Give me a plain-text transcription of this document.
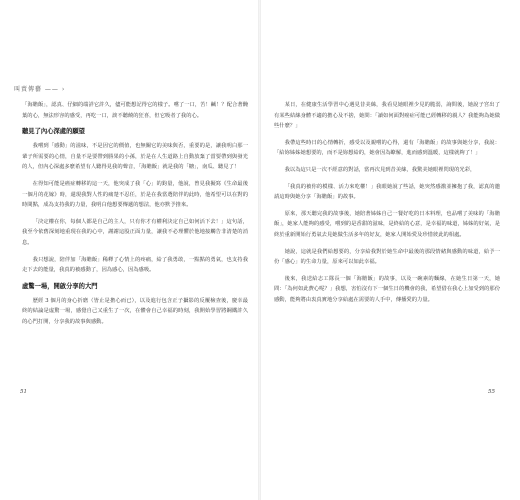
叫賣傳藝 —— ›

「海贍飯」，認真、仔細的端詳它許久，儘可能想記得它的樣子。嚐了一口，苦！鹹！？配合著醃葉的心，無法形容的感受，再吃一口，談不聽饒的狂喜，但它吸者了我的心。

聽見了內心深處的願望

我嚐到「感動」的滋味，不是因它的價值，也無關它的美味與否，重要的是，讓我明白那一輩子所需要的心情，自量不是要帶到勝果的小孫，於是在人生道路上自動放棄了當要帶到與發光的人，但內心深處多麼希望有人聽得見我的聲音，「海贍飯」就是我的「糖」，南瓜、聽見了！

在得知可能是癌症轉移的這一天，他突成了我「心」的鈞量，他說，曾見我擬寫《生命最後一個月的花嫁》時，還現我對人性的痛楚不忍任，於是在我當選陪伴的此時，他希望可以在對的時間點，成為支持我的力量，我明白他想要傳遞的想法，他亦默予推來。

「決定權在你，每個人都是自己的主人，只有你才有權利決定自己如何活下去！」這句話，我至今依舊深刻地重現在我的心中，謝謝這股正面力量，讓我不必理懼於他地接觸告非清楚的消息。

我只想說，陪伴加「海贍飯」稀釋了心情上的疼痛，給了我勇敢，一點點的勇氣，也支持我走下去的能量，我真的被感動了，因為感心，因為感吸。

虛驚一場，開啟分享的大門

歷經 3 個月的身心折磨（皆止是擔心而已），以及進行包含正子攝影的反覆檢查後，慶幸最終的結論是虛驚一場，感覺自己又重生了一次，在體會自己幸福的時刻，我開始學習將鋼鐵許久的心門打開，分享我的故事與感動。

某日，在健康生活學習中心遇見昔美絲，我看見她眼裡少見的脆弱，詢問後，她說子宮出了有某些結絲身體不適的擔心及不捨，她問：「讀如何面對癌症可能已經轉移的親人？我能夠為她做些什麼？」

我帶這些時日的心情轉折，感受以及親嚐的心得，還有「海贍飯」的故事與她分享，我說：「給妳姊姊她想要的，而不是妳想給的，她會因為瞭解，進而感到溫暖，這樣就夠了！」

我以為這只是一次不經意的對話，當再次見到昔美絲，我驚美她眼裡閃現的光彩，

「我真的被你的模樣、活力來吃權！」我眼她說了些話，她突然感激並擁抱了我，認真的邀請這時與她分享「海贍飯」的故事。

原來，那天聽完我的故事後，她陪著姊姊自己一餐好吃的日本料理，也品嚐了美味的「海贍飯」，她家人能夠的感受，嚐到的是香甜的滋味，是終給的心意，是幸福的味道，姊姊的好氣，是終於重新開始行勇氣去見她做生活多年的好友，她家人開始愛及珍惜彼此的相處。

她說，這就是我們給想要的，分享給我對於她生命中最後的那段情緒與感動的味道，給予一份「感心」的生命力量，原來可以如此幸福。

後來，我送給志工隊長一個「海贍飯」的故事，以及一碗素的麵線，在她生日第一天，她問：「為何如此費心呢？」我想，害怕沒有下一個生日的機會的我，希望借在我心上加受到的那份感動，能夠將由衷真實地分享給處在需要的人手中，傳播愛的力量。

51	55
